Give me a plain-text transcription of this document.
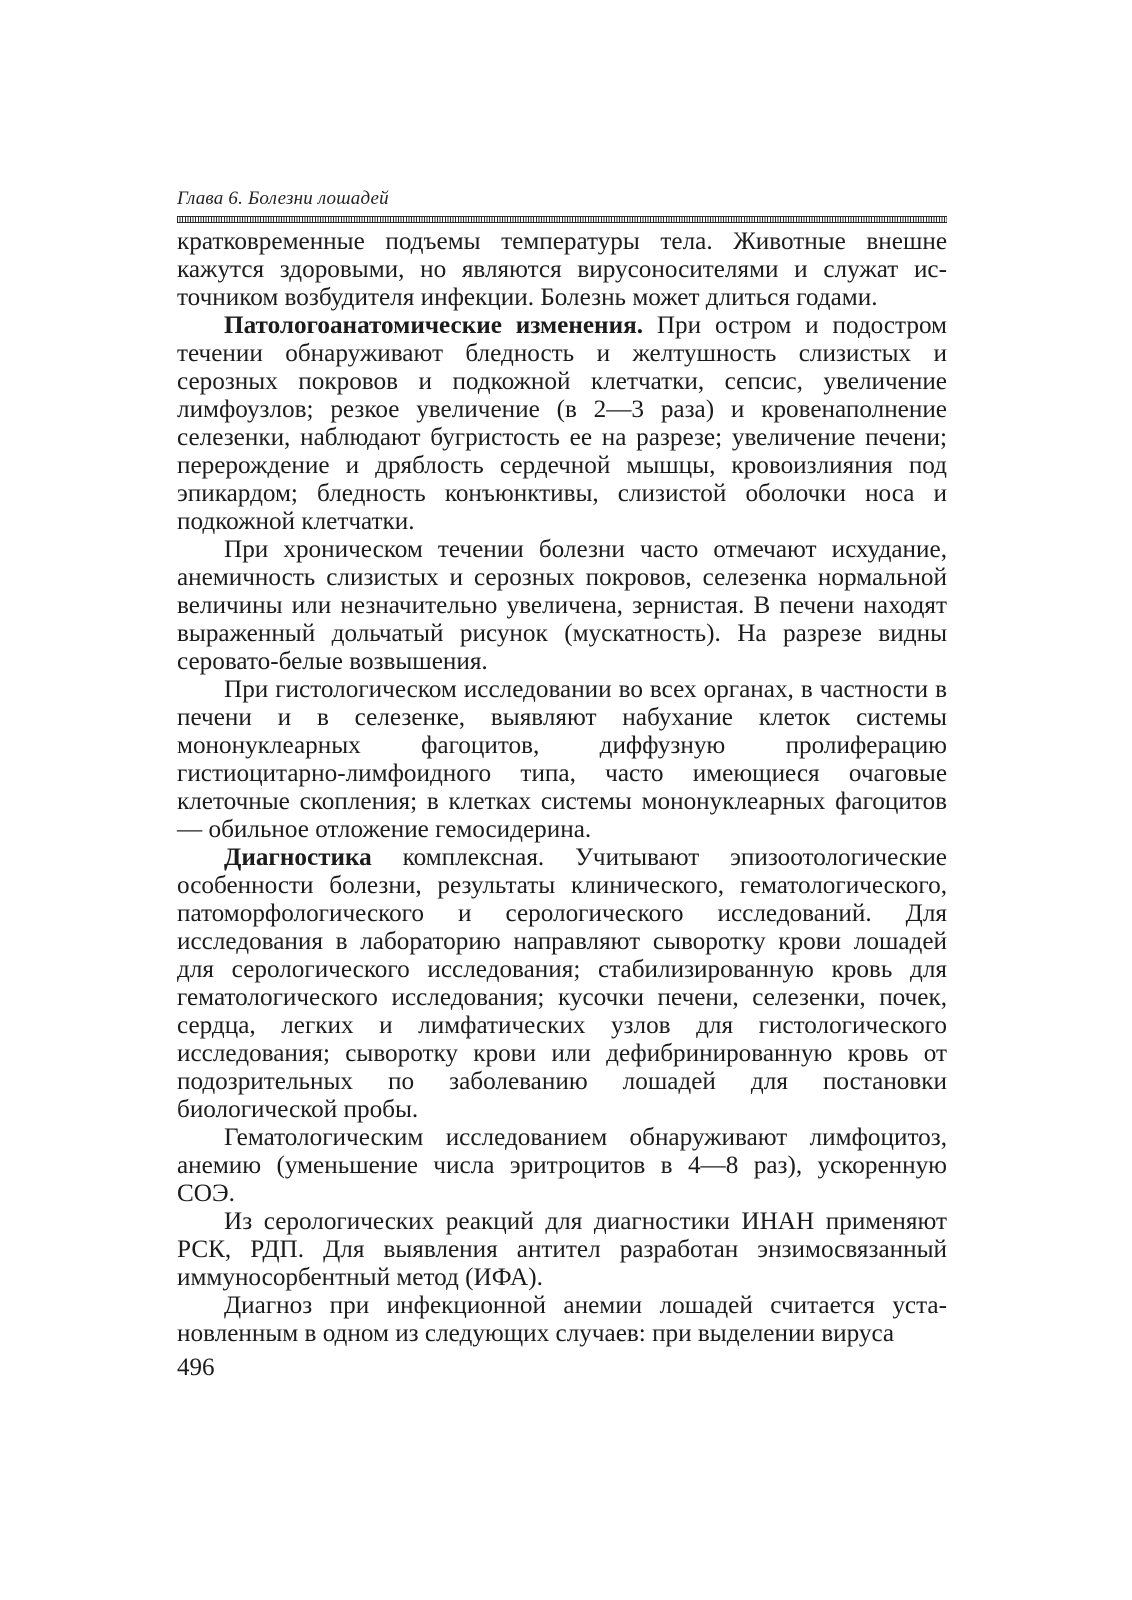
Глава 6. Болезни лошадей

кратковременные подъемы температуры тела. Животные внешне кажутся здоровыми, но являются вирусоносителями и служат источником возбудителя инфекции. Болезнь может длиться годами.

Патологоанатомические изменения. При остром и подостром течении обнаруживают бледность и желтушность слизистых и серозных покровов и подкожной клетчатки, сепсис, увеличение лимфоузлов; резкое увеличение (в 2—3 раза) и кровенаполнение селезенки, наблюдают бугристость ее на разрезе; увеличение печени; перерождение и дряблость сердечной мышцы, кровоизлияния под эпикардом; бледность конъюнктивы, слизистой оболочки носа и подкожной клетчатки.

При хроническом течении болезни часто отмечают исхудание, анемичность слизистых и серозных покровов, селезенка нормальной величины или незначительно увеличена, зернистая. В печени находят выраженный дольчатый рисунок (мускатность). На разрезе видны серовато-белые возвышения.

При гистологическом исследовании во всех органах, в частности в печени и в селезенке, выявляют набухание клеток системы мононуклеарных фагоцитов, диффузную пролиферацию гистиоцитарно-лимфоидного типа, часто имеющиеся очаговые клеточные скопления; в клетках системы мононуклеарных фагоцитов — обильное отложение гемосидерина.

Диагностика комплексная. Учитывают эпизоотологические особенности болезни, результаты клинического, гематологического, патоморфологического и серологического исследований. Для исследования в лабораторию направляют сыворотку крови лошадей для серологического исследования; стабилизированную кровь для гематологического исследования; кусочки печени, селезенки, почек, сердца, легких и лимфатических узлов для гистологического исследования; сыворотку крови или дефибринированную кровь от подозрительных по заболеванию лошадей для постановки биологической пробы.

Гематологическим исследованием обнаруживают лимфоцитоз, анемию (уменьшение числа эритроцитов в 4—8 раз), ускоренную СОЭ.

Из серологических реакций для диагностики ИНАН применяют РСК, РДП. Для выявления антител разработан энзимосвязанный иммуносорбентный метод (ИФА).

Диагноз при инфекционной анемии лошадей считается установленным в одном из следующих случаев: при выделении вируса

496
